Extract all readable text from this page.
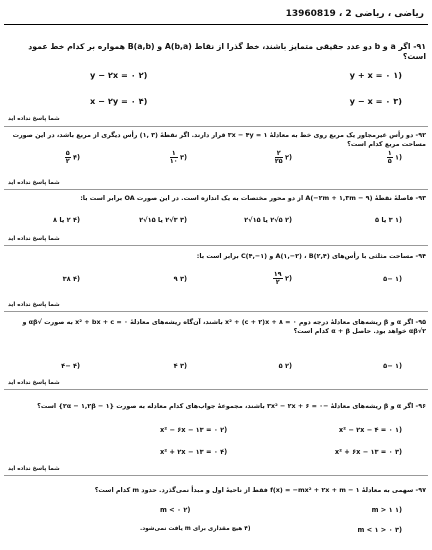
ریاضی ، ریاضی 2 ، 13960819
۹۱- اگر a و b دو عدد حقیقی متمایز باشند، خط گذرا از نقاط A(b,a) و B(a,b) همواره بر کدام خط عمود است؟
(۱ y + x = ۰
(۲ y − ۲x = ۰
(۳ y − x = ۰
(۴ x − ۲y = ۰
شما پاسخ نداده اید
۹۲- دو رأس غیرمجاور یک مربع روی خط به معادلهٔ ۱ = ۳x − ۴y قرار دارند. اگر نقطهٔ (۳ ,۱) رأس دیگری از مربع باشد، در این صورت مساحت مربع کدام است؟
(۱
$\frac{۱}{۵}$
(۲
$\frac{۲}{۲۵}$
(۳
$\frac{۱}{۱۰}$
(۴
$\frac{۵}{۲}$
شما پاسخ نداده اید
۹۳- فاصلهٔ نقطهٔ A(−۲m + ۱,۳m − ۹) از دو محور مختصات به یک اندازه است. در این صورت OA برابر است با:
(۱ ۳ یا ۵
(۲ ۵√۲ یا ۱۵√۲
(۳ ۳√۲ یا ۱۵√۲
(۴ ۲ یا ۸
شما پاسخ نداده اید
۹۴- مساحت مثلثی با رأس‌های A(۱,−۲) ، B(۲,۴) و C(۴,−۱) برابر است با:
(۱ −۵
(۲
$\frac{۱۹}{۲}$
(۳ ۹
(۴ ۳۸
شما پاسخ نداده اید
۹۵- اگر α و β ریشه‌های معادلهٔ درجه دوم x² + (c + ۲)x + ۸ = ۰ باشند، آن‌گاه ریشه‌های معادلهٔ x² + bx + c = ۰ به صورت √αβ و ۲√αβ خواهد بود. حاصل α + β کدام است؟
(۱ −۵
(۲ ۵
(۳ ۴
(۴ −۴
شما پاسخ نداده اید
۹۶- اگر α و β ریشه‌های معادلهٔ −۳x² − ۲x + ۶ = ۰ باشند، مجموعهٔ جواب‌های کدام معادله به صورت {۲α − ۱,۲β − ۱} است؟
(۱ x² − ۲x − ۴ = ۰
(۲ x² − ۶x − ۱۳ = ۰
(۳ x² + ۶x − ۱۳ = ۰
(۴ x² + ۲x − ۱۳ = ۰
شما پاسخ نداده اید
۹۷- سهمی به معادلهٔ f(x) = −mx² + ۲x + m − ۱ فقط از ناحیهٔ اول و مبدأ نمی‌گذرد. حدود m کدام است؟
(۱ m > ۱
(۲ m < ۰
(۳ ۰ < m < ۱
(۴ هیچ مقداری برای m یافت نمی‌شود.
